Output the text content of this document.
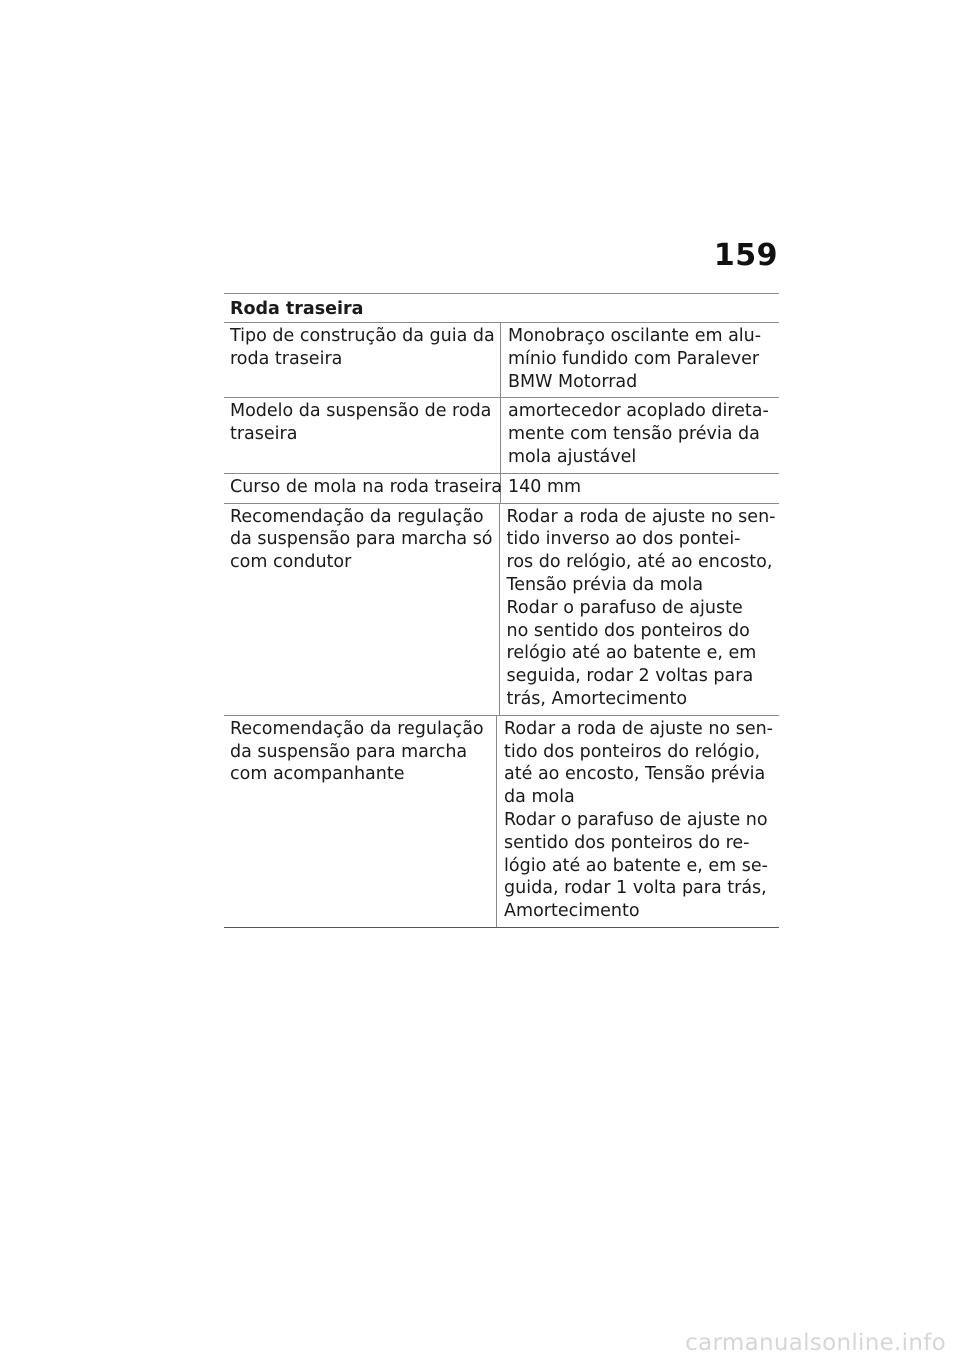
159
Roda traseira
Tipo de construção da guia da
roda traseira
Monobraço oscilante em alu-
mínio fundido com Paralever
BMW Motorrad
Modelo da suspensão de roda
traseira
amortecedor acoplado direta-
mente com tensão prévia da
mola ajustável
Curso de mola na roda traseira 140 mm
Recomendação da regulação
da suspensão para marcha só
com condutor
Rodar a roda de ajuste no sen-
tido inverso ao dos pontei-
ros do relógio, até ao encosto,
Tensão prévia da mola
Rodar o parafuso de ajuste
no sentido dos ponteiros do
relógio até ao batente e, em
seguida, rodar 2 voltas para
trás, Amortecimento
Recomendação da regulação
da suspensão para marcha
com acompanhante
Rodar a roda de ajuste no sen-
tido dos ponteiros do relógio,
até ao encosto, Tensão prévia
da mola
Rodar o parafuso de ajuste no
sentido dos ponteiros do re-
lógio até ao batente e, em se-
guida, rodar 1 volta para trás,
Amortecimento
carmanualsonline.info
